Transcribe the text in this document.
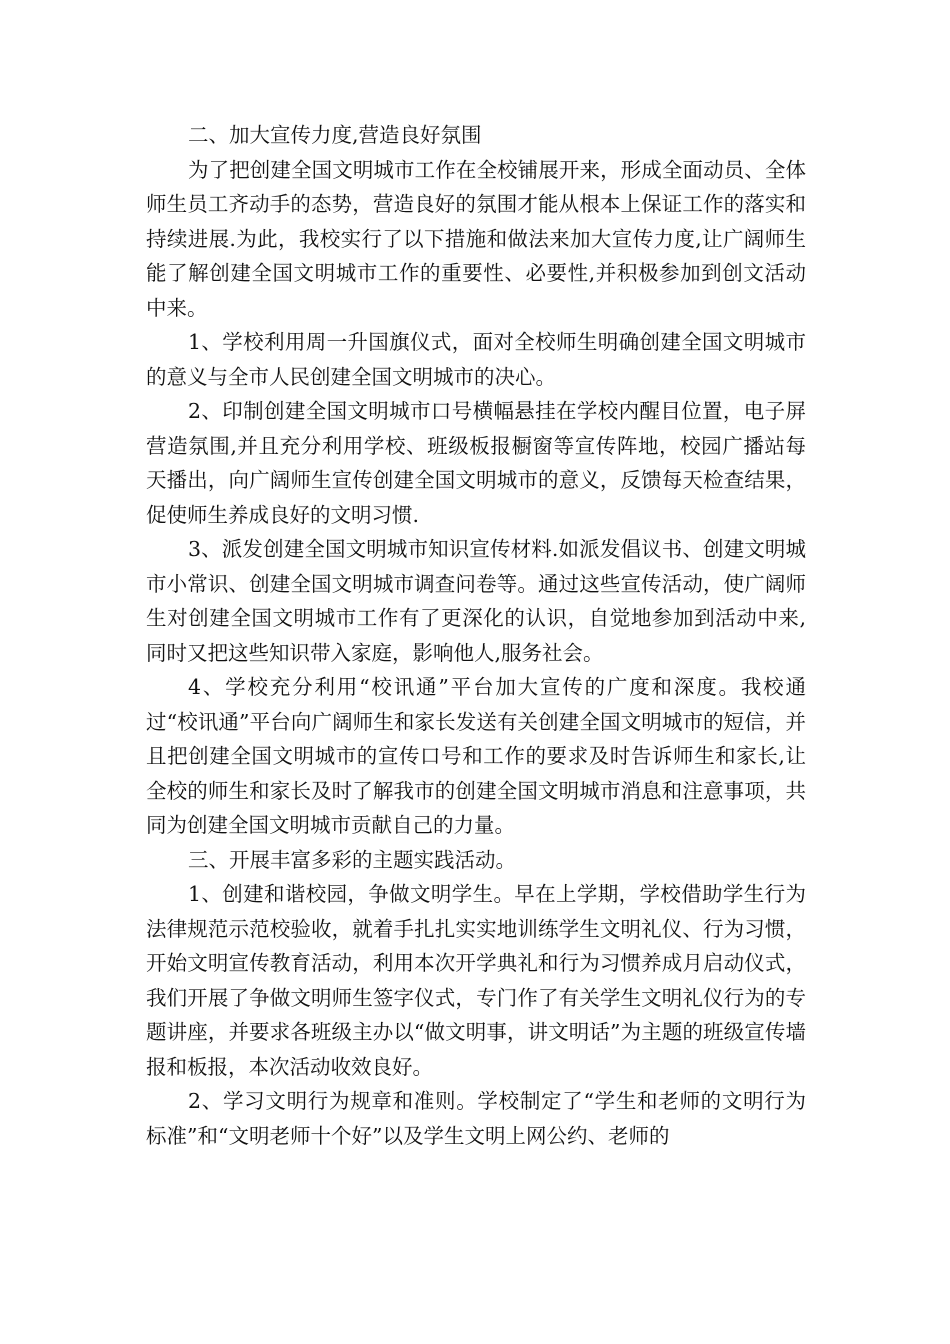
二、加大宣传力度,营造良好氛围

为了把创建全国文明城市工作在全校铺展开来，形成全面动员、全体师生员工齐动手的态势，营造良好的氛围才能从根本上保证工作的落实和持续进展.为此，我校实行了以下措施和做法来加大宣传力度,让广阔师生能了解创建全国文明城市工作的重要性、必要性,并积极参加到创文活动中来。

1、学校利用周一升国旗仪式，面对全校师生明确创建全国文明城市的意义与全市人民创建全国文明城市的决心。

2、印制创建全国文明城市口号横幅悬挂在学校内醒目位置，电子屏营造氛围,并且充分利用学校、班级板报橱窗等宣传阵地，校园广播站每天播出，向广阔师生宣传创建全国文明城市的意义，反馈每天检查结果，促使师生养成良好的文明习惯.

3、派发创建全国文明城市知识宣传材料.如派发倡议书、创建文明城市小常识、创建全国文明城市调查问卷等。通过这些宣传活动，使广阔师生对创建全国文明城市工作有了更深化的认识，自觉地参加到活动中来,同时又把这些知识带入家庭，影响他人,服务社会。

4、学校充分利用“校讯通”平台加大宣传的广度和深度。我校通过“校讯通”平台向广阔师生和家长发送有关创建全国文明城市的短信，并且把创建全国文明城市的宣传口号和工作的要求及时告诉师生和家长,让全校的师生和家长及时了解我市的创建全国文明城市消息和注意事项，共同为创建全国文明城市贡献自己的力量。

三、开展丰富多彩的主题实践活动。

1、创建和谐校园，争做文明学生。早在上学期，学校借助学生行为法律规范示范校验收，就着手扎扎实实地训练学生文明礼仪、行为习惯，开始文明宣传教育活动，利用本次开学典礼和行为习惯养成月启动仪式，我们开展了争做文明师生签字仪式，专门作了有关学生文明礼仪行为的专题讲座，并要求各班级主办以“做文明事，讲文明话”为主题的班级宣传墙报和板报，本次活动收效良好。

2、学习文明行为规章和准则。学校制定了“学生和老师的文明行为标准”和“文明老师十个好”以及学生文明上网公约、老师的
